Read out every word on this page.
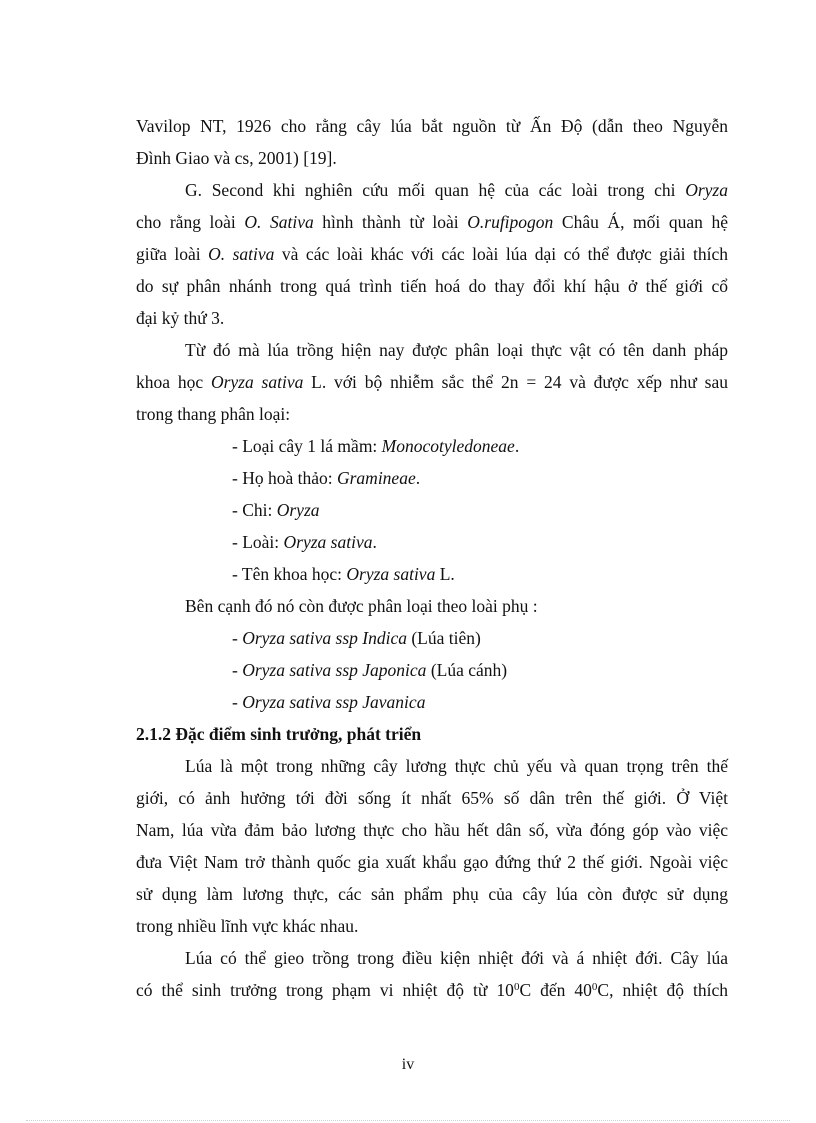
Vavilop NT, 1926 cho rằng cây lúa bắt nguồn từ Ấn Độ (dẫn theo Nguyễn
Đình Giao và cs, 2001) [19].
G. Second khi nghiên cứu mối quan hệ của các loài trong chi Oryza
cho rằng loài O. Sativa hình thành từ loài O.rufipogon Châu Á, mối quan hệ
giữa loài O. sativa và các loài khác với các loài lúa dại có thể được giải thích
do sự phân nhánh trong quá trình tiến hoá do thay đổi khí hậu ở thế giới cổ
đại kỷ thứ 3.
Từ đó mà lúa trồng hiện nay được phân loại thực vật có tên danh pháp
khoa học Oryza sativa L. với bộ nhiễm sắc thể 2n = 24 và được xếp như sau
trong thang phân loại:
- Loại cây 1 lá mầm: Monocotyledoneae.
- Họ hoà thảo: Gramineae.
- Chi: Oryza
- Loài: Oryza sativa.
- Tên khoa học: Oryza sativa L.
Bên cạnh đó nó còn được phân loại theo loài phụ :
- Oryza sativa ssp Indica (Lúa tiên)
- Oryza sativa ssp Japonica (Lúa cánh)
- Oryza sativa ssp Javanica
2.1.2 Đặc điểm sinh trưởng, phát triển
Lúa là một trong những cây lương thực chủ yếu và quan trọng trên thế
giới, có ảnh hưởng tới đời sống ít nhất 65% số dân trên thế giới. Ở Việt
Nam, lúa vừa đảm bảo lương thực cho hầu hết dân số, vừa đóng góp vào việc
đưa Việt Nam trở thành quốc gia xuất khẩu gạo đứng thứ 2 thế giới. Ngoài việc
sử dụng làm lương thực, các sản phẩm phụ của cây lúa còn được sử dụng
trong nhiều lĩnh vực khác nhau.
Lúa có thể gieo trồng trong điều kiện nhiệt đới và á nhiệt đới. Cây lúa
có thể sinh trưởng trong phạm vi nhiệt độ từ $10^0C$ đến $40^0C$, nhiệt độ thích
iv
